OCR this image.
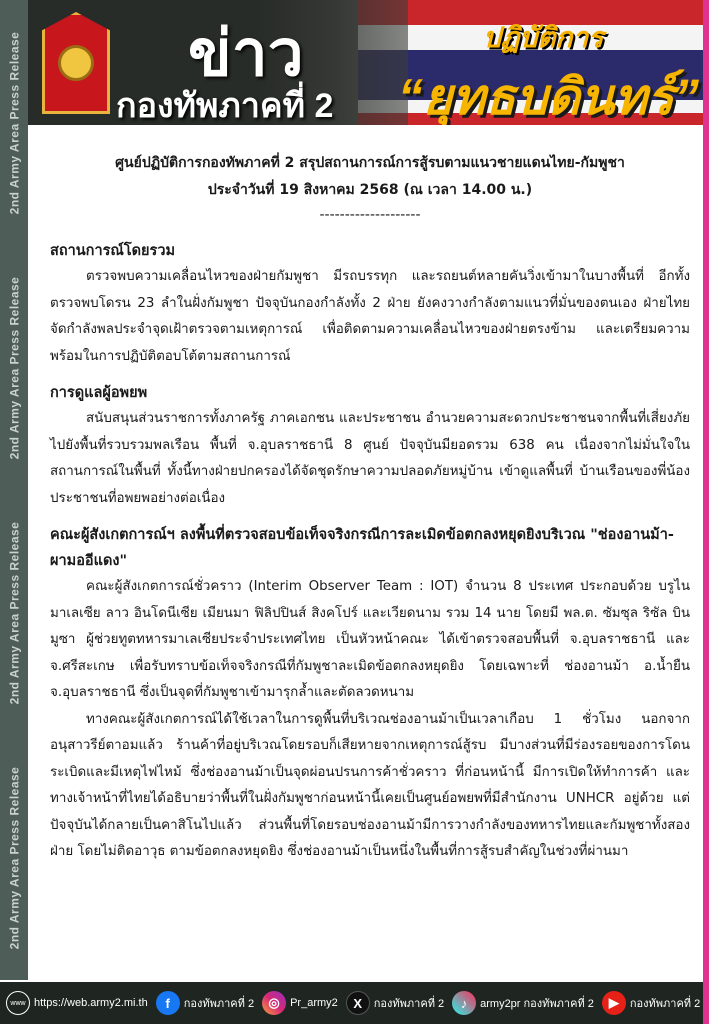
2nd Army Area Press Release
2nd Army Area Press Release
2nd Army Area Press Release
2nd Army Area Press Release
ข่าว
กองทัพภาคที่ 2
ปฏิบัติการ
“ยุทธบดินทร์”
ศูนย์ปฏิบัติการกองทัพภาคที่ 2 สรุปสถานการณ์การสู้รบตามแนวชายแดนไทย-กัมพูชา
ประจำวันที่ 19 สิงหาคม 2568 (ณ เวลา 14.00 น.)
--------------------
สถานการณ์โดยรวม

ตรวจพบความเคลื่อนไหวของฝ่ายกัมพูชา มีรถบรรทุก และรถยนต์หลายคันวิ่งเข้ามาในบางพื้นที่ อีกทั้งตรวจพบโดรน 23 ลำในฝั่งกัมพูชา ปัจจุบันกองกำลังทั้ง 2 ฝ่าย ยังคงวางกำลังตามแนวที่มั่นของตนเอง ฝ่ายไทยจัดกำลังพลประจำจุดเฝ้าตรวจตามเหตุการณ์ เพื่อติดตามความเคลื่อนไหวของฝ่ายตรงข้าม และเตรียมความพร้อมในการปฏิบัติตอบโต้ตามสถานการณ์

การดูแลผู้อพยพ

สนับสนุนส่วนราชการทั้งภาครัฐ ภาคเอกชน และประชาชน อำนวยความสะดวกประชาชนจากพื้นที่เสี่ยงภัย ไปยังพื้นที่รวบรวมพลเรือน พื้นที่ จ.อุบลราชธานี 8 ศูนย์ ปัจจุบันมียอดรวม 638 คน เนื่องจากไม่มั่นใจในสถานการณ์ในพื้นที่ ทั้งนี้ทางฝ่ายปกครองได้จัดชุดรักษาความปลอดภัยหมู่บ้าน เข้าดูแลพื้นที่ บ้านเรือนของพี่น้องประชาชนที่อพยพอย่างต่อเนื่อง

คณะผู้สังเกตการณ์ฯ ลงพื้นที่ตรวจสอบข้อเท็จจริงกรณีการละเมิดข้อตกลงหยุดยิงบริเวณ "ช่องอานม้า-ผามออีแดง"

คณะผู้สังเกตการณ์ชั่วคราว (Interim Observer Team : IOT) จำนวน 8 ประเทศ ประกอบด้วย บรูไน มาเลเซีย ลาว อินโดนีเซีย เมียนมา ฟิลิปปินส์ สิงคโปร์ และเวียดนาม รวม 14 นาย โดยมี พล.ต. ซัมซุล ริซัล บิน มูซา ผู้ช่วยทูตทหารมาเลเซียประจำประเทศไทย เป็นหัวหน้าคณะ ได้เข้าตรวจสอบพื้นที่ จ.อุบลราชธานี และ จ.ศรีสะเกษ เพื่อรับทราบข้อเท็จจริงกรณีที่กัมพูชาละเมิดข้อตกลงหยุดยิง โดยเฉพาะที่ ช่องอานม้า อ.น้ำยืน จ.อุบลราชธานี ซึ่งเป็นจุดที่กัมพูชาเข้ามารุกล้ำและตัดลวดหนาม

ทางคณะผู้สังเกตการณ์ได้ใช้เวลาในการดูพื้นที่บริเวณช่องอานม้าเป็นเวลาเกือบ 1 ชั่วโมง นอกจากอนุสาวรีย์ตาอมแล้ว ร้านค้าที่อยู่บริเวณโดยรอบก็เสียหายจากเหตุการณ์สู้รบ มีบางส่วนที่มีร่องรอยของการโดนระเบิดและมีเหตุไฟไหม้ ซึ่งช่องอานม้าเป็นจุดผ่อนปรนการค้าชั่วคราว ที่ก่อนหน้านี้ มีการเปิดให้ทำการค้า และทางเจ้าหน้าที่ไทยได้อธิบายว่าพื้นที่ในฝั่งกัมพูชาก่อนหน้านี้เคยเป็นศูนย์อพยพที่มีสำนักงาน UNHCR อยู่ด้วย แต่ปัจจุบันได้กลายเป็นคาสิโนไปแล้ว ส่วนพื้นที่โดยรอบช่องอานม้ามีการวางกำลังของทหารไทยและกัมพูชาทั้งสองฝ่าย โดยไม่ติดอาวุธ ตามข้อตกลงหยุดยิง ซึ่งช่องอานม้าเป็นหนึ่งในพื้นที่การสู้รบสำคัญในช่วงที่ผ่านมา

www https://web.army2.mi.th	f	กองทัพภาคที่ 2	◎ Pr_army2	X	กองทัพภาคที่ 2	♪	army2pr กองทัพภาคที่ 2	▶	กองทัพภาคที่ 2
